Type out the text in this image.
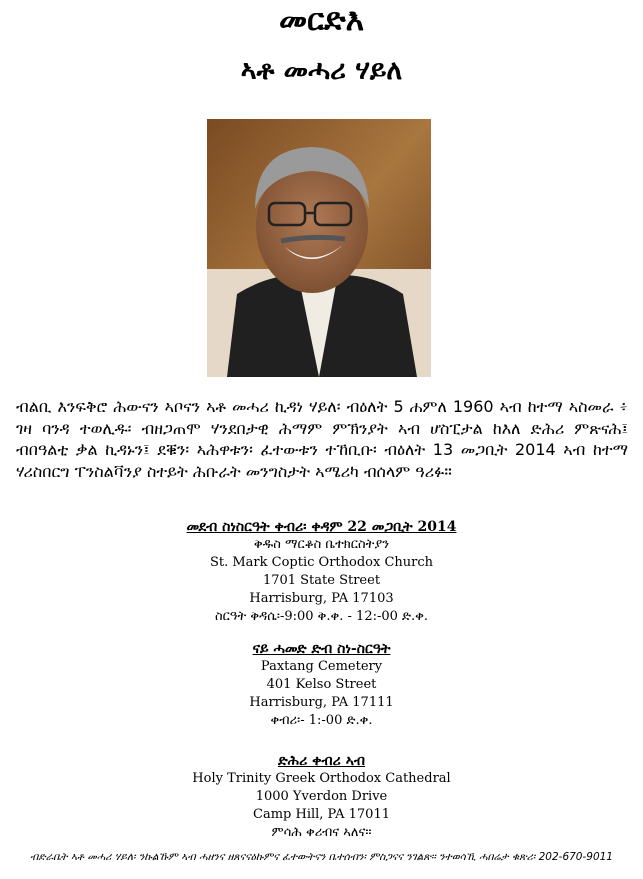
መርድእ
ኣቶ መሓሪ ሃይለ

ብልቢ እንፍቅሮ ሕውናን ኣቦናን ኣቶ መሓሪ ኪዳነ ሃይለ፡ ብዕለት 5 ሐምለ 1960 ኣብ ከተማ ኣስመራ ፥ ገዛ ባንዳ ተወሊዱ፡ ብዘጋጠሞ ሃንደበታዊ ሕማም ምኽንያት ኣብ ሆስፒታል ከእለ ድሕሪ ምጽናሕ፤ ብበዓልቲ ቃል ኪዳኑን፤ ደቑን፡ ኣሕዋቱን፡ ፈተውቱን ተኸቢቡ፡ ብዕለት 13 መጋቢት 2014 ኣብ ከተማ ሃሪስበርግ ፐንስልቫንያ ስተይት ሕቡራት መንግስታት ኣሜሪካ ብሰላም ዓሪፉ።

መደብ ስነስርዓት ቀብሪ፡ ቀዳም 22 መጋቢት 2014
ቅዱስ ማርቆስ ቤተክርስትያን
St. Mark Coptic Orthodox Church
1701 State Street
Harrisburg, PA 17103
ስርዓት ቅዳሴ፡-9:00 ቅ.ቀ. - 12:-00 ድ.ቀ.
ናይ ሓመድ ድብ ስነ-ስርዓት
Paxtang Cemetery
401 Kelso Street
Harrisburg, PA 17111
ቀብሪ፡- 1:-00 ድ.ቀ.
ድሕሪ ቀብሪ ኣብ
Holy Trinity Greek Orthodox Cathedral
1000 Yverdon Drive
Camp Hill, PA 17011
ምሳሕ ቀሪብና ኣለና።
ብድራቤት ኣቶ መሓሪ ሃይለ፡ ንኩልኹም ኣብ ሓዘንና ዘጸናናዕኩምና ፈተውትናን ቤተሰብን፡ ምስጋናና ንገልጽ። ንተወሳኺ ሓበሬታ ቁጽሪ፡ 202-670-9011
